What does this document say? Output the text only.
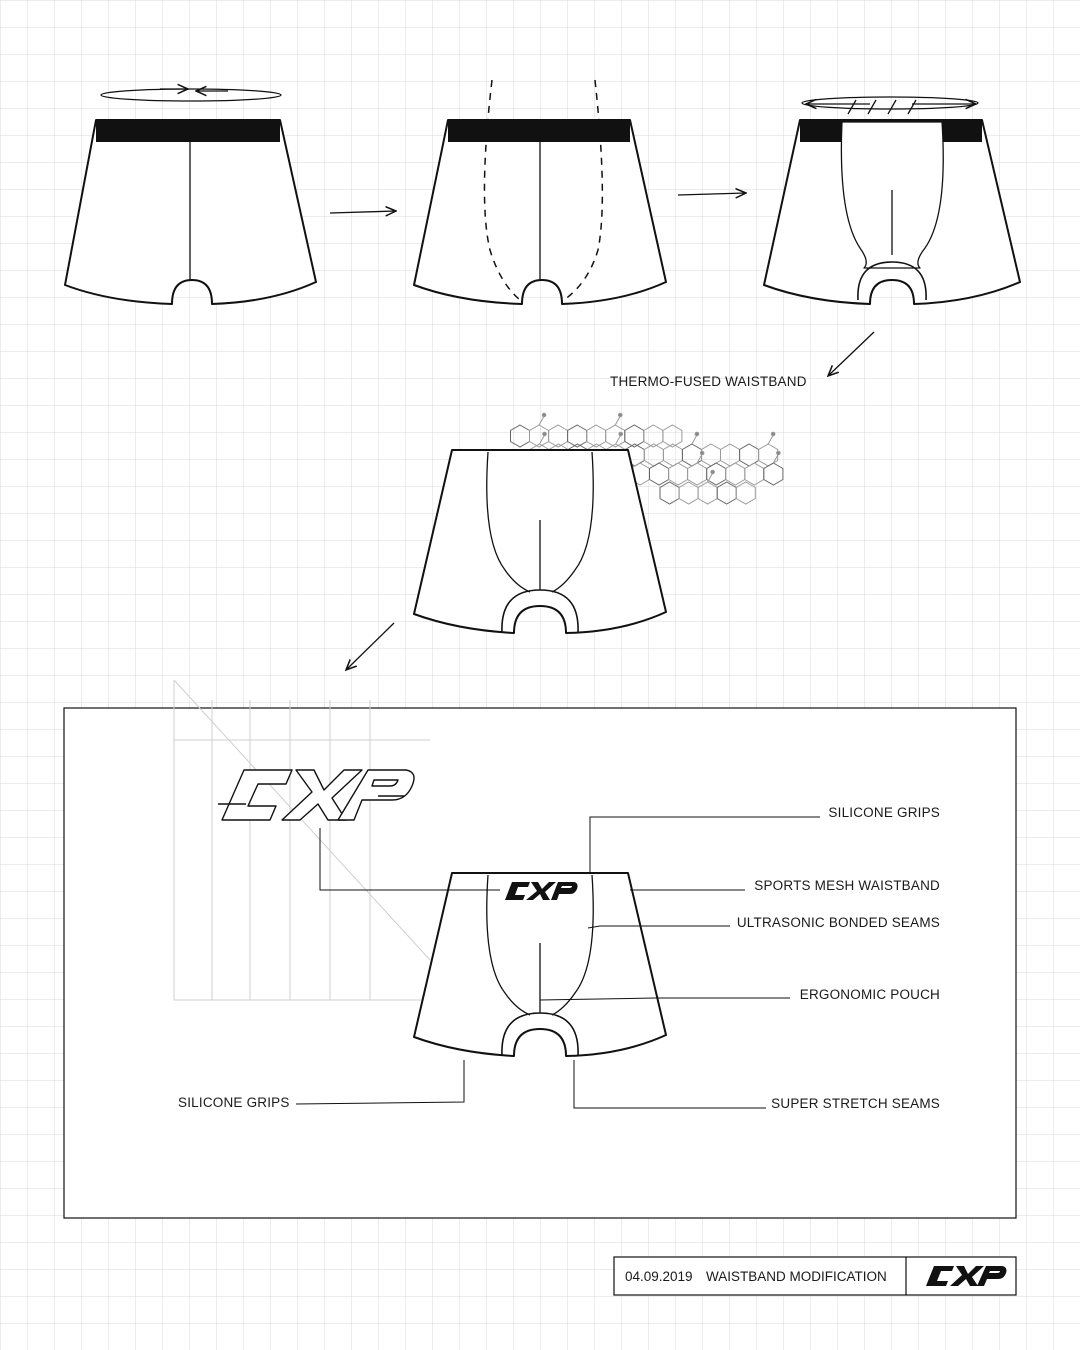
THERMO-FUSED WAISTBAND
SILICONE GRIPS
SPORTS MESH WAISTBAND
ULTRASONIC BONDED SEAMS
ERGONOMIC POUCH
SUPER STRETCH SEAMS
SILICONE GRIPS
04.09.2019 WAISTBAND MODIFICATION
